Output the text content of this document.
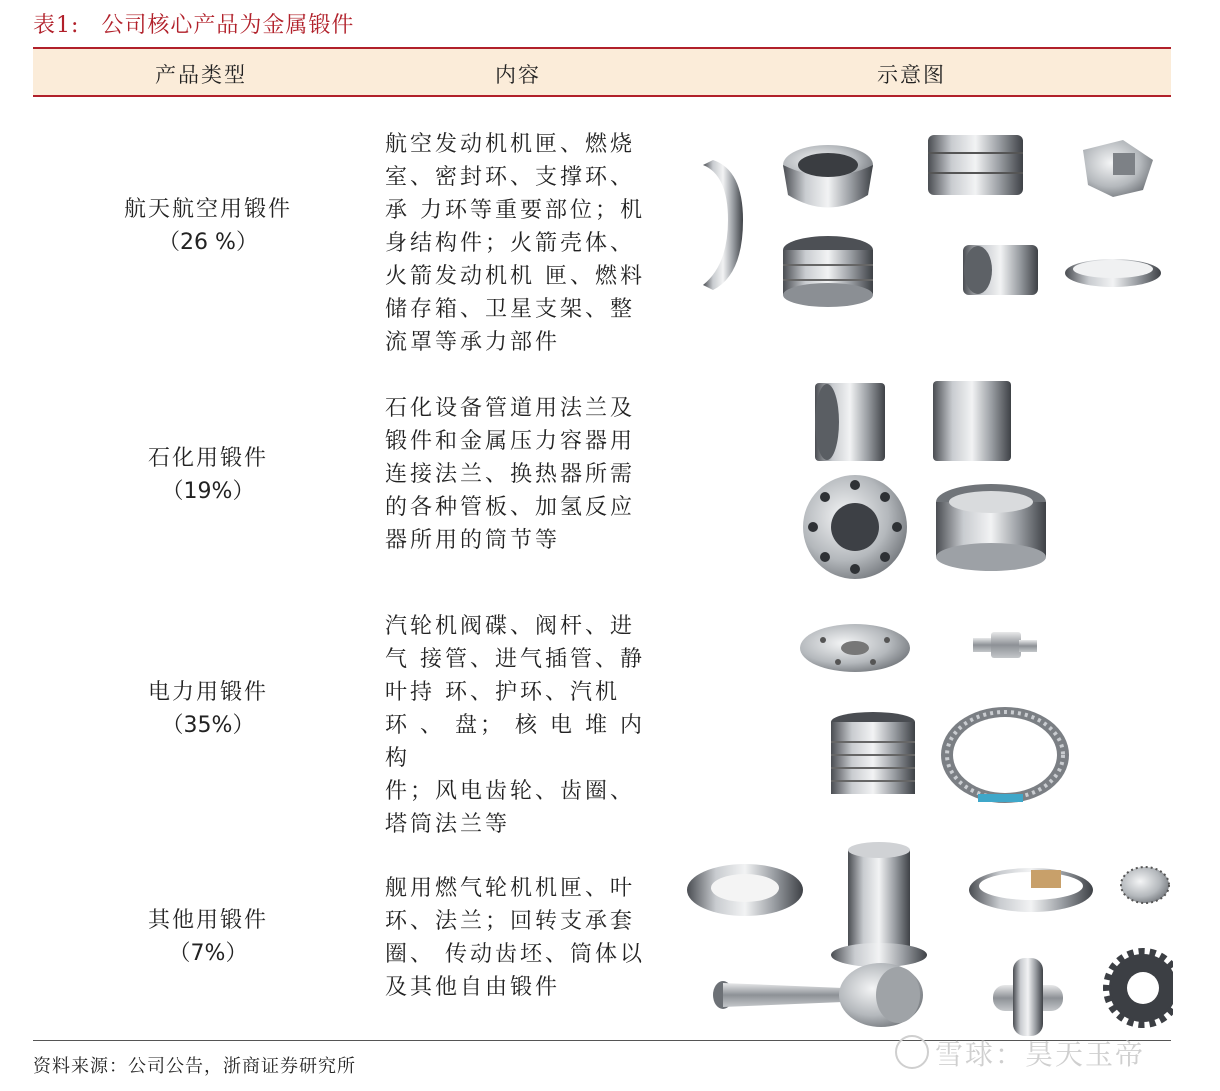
表1: 公司核心产品为金属锻件
产品类型	内容	示意图
航天航空用锻件
（26 %）
航空发动机机匣、燃烧
室、密封环、支撑环、
承 力环等重要部位；机
身结构件；火箭壳体、
火箭发动机机 匣、燃料
储存箱、卫星支架、整
流罩等承力部件
石化用锻件
（19%）
石化设备管道用法兰及
锻件和金属压力容器用
连接法兰、换热器所需
的各种管板、加氢反应
器所用的筒节等
电力用锻件
（35%）
汽轮机阀碟、阀杆、进
气 接管、进气插管、静
叶持 环、护环、汽机
环 、 盘； 核 电 堆 内 构
件；风电齿轮、齿圈、
塔筒法兰等
其他用锻件
（7%）
舰用燃气轮机机匣、叶
环、法兰；回转支承套
圈、 传动齿坯、筒体以
及其他自由锻件
资料来源：公司公告，浙商证券研究所	雪球：昊天玉帝
